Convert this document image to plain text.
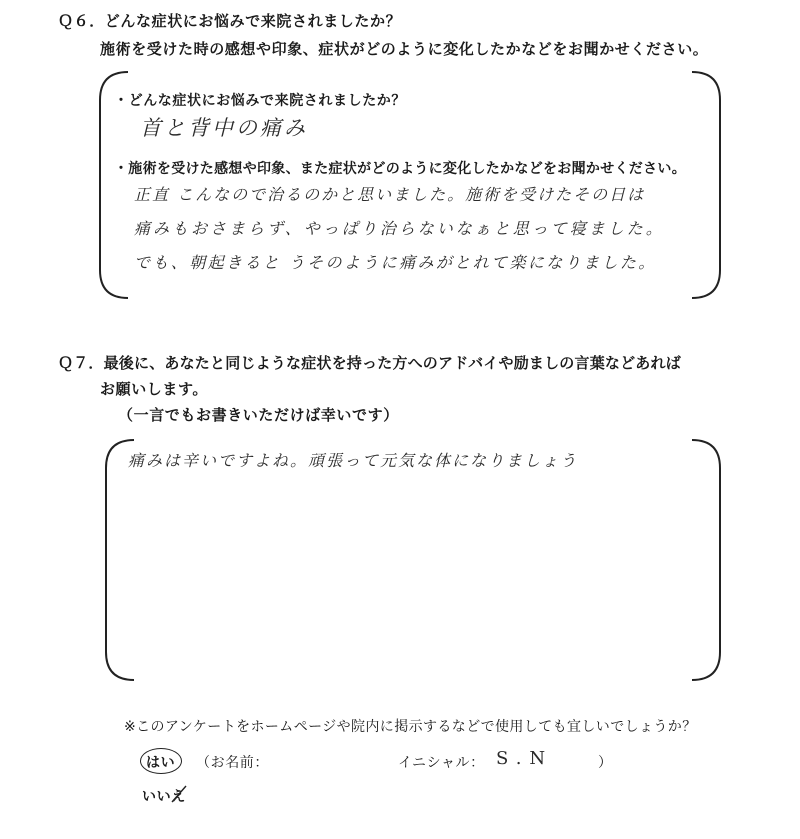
Ｑ６．どんな症状にお悩みで来院されましたか？
施術を受けた時の感想や印象、症状がどのように変化したかなどをお聞かせください。
・どんな症状にお悩みで来院されましたか？
首と背中の痛み
・施術を受けた感想や印象、また症状がどのように変化したかなどをお聞かせください。
正直 こんなので治るのかと思いました。施術を受けたその日は
痛みもおさまらず、やっぱり治らないなぁと思って寝ました。
でも、朝起きると うそのように痛みがとれて楽になりました。
Ｑ７．最後に、あなたと同じような症状を持った方へのアドバイや励ましの言葉などあれば
お願いします。
（一言でもお書きいただけば幸いです）
痛みは辛いですよね。頑張って元気な体になりましょう
※このアンケートをホームページや院内に掲示するなどで使用しても宜しいでしょうか？
はい （お名前：	イニシャル： S.N	）
いいえ
